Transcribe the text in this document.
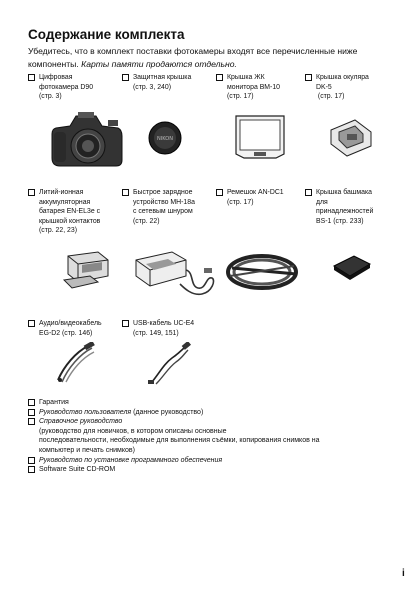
Содержание комплекта
Убедитесь, что в комплект поставки фотокамеры входят все перечисленные ниже
компоненты. Карты памяти продаются отдельно.
Цифровая
фотокамера D90
(стр. 3)
Защитная крышка
(стр. 3, 240)
Крышка ЖК
монитора BM-10
(стр. 17)
Крышка окуляра
DK-5
(стр. 17)
NIKON
Литий-ионная
аккумуляторная
батарея EN-EL3e с
крышкой контактов
(стр. 22, 23)
Быстрое зарядное
устройство MH-18a
с сетевым шнуром
(стр. 22)
Ремешок AN-DC1
(стр. 17)
Крышка башмака
для
принадлежностей
BS-1 (стр. 233)
Аудио/видеокабель
EG-D2 (стр. 146)
USB-кабель UC-E4
(стр. 149, 151)
Гарантия
Руководство пользователя (данное руководство)
Справочное руководство
(руководство для новичков, в котором описаны основные
последовательности, необходимые для выполнения съёмки, копирования снимков на
компьютер и печать снимков)
Руководство по установке программного обеспечения
Software Suite CD-ROM
i
